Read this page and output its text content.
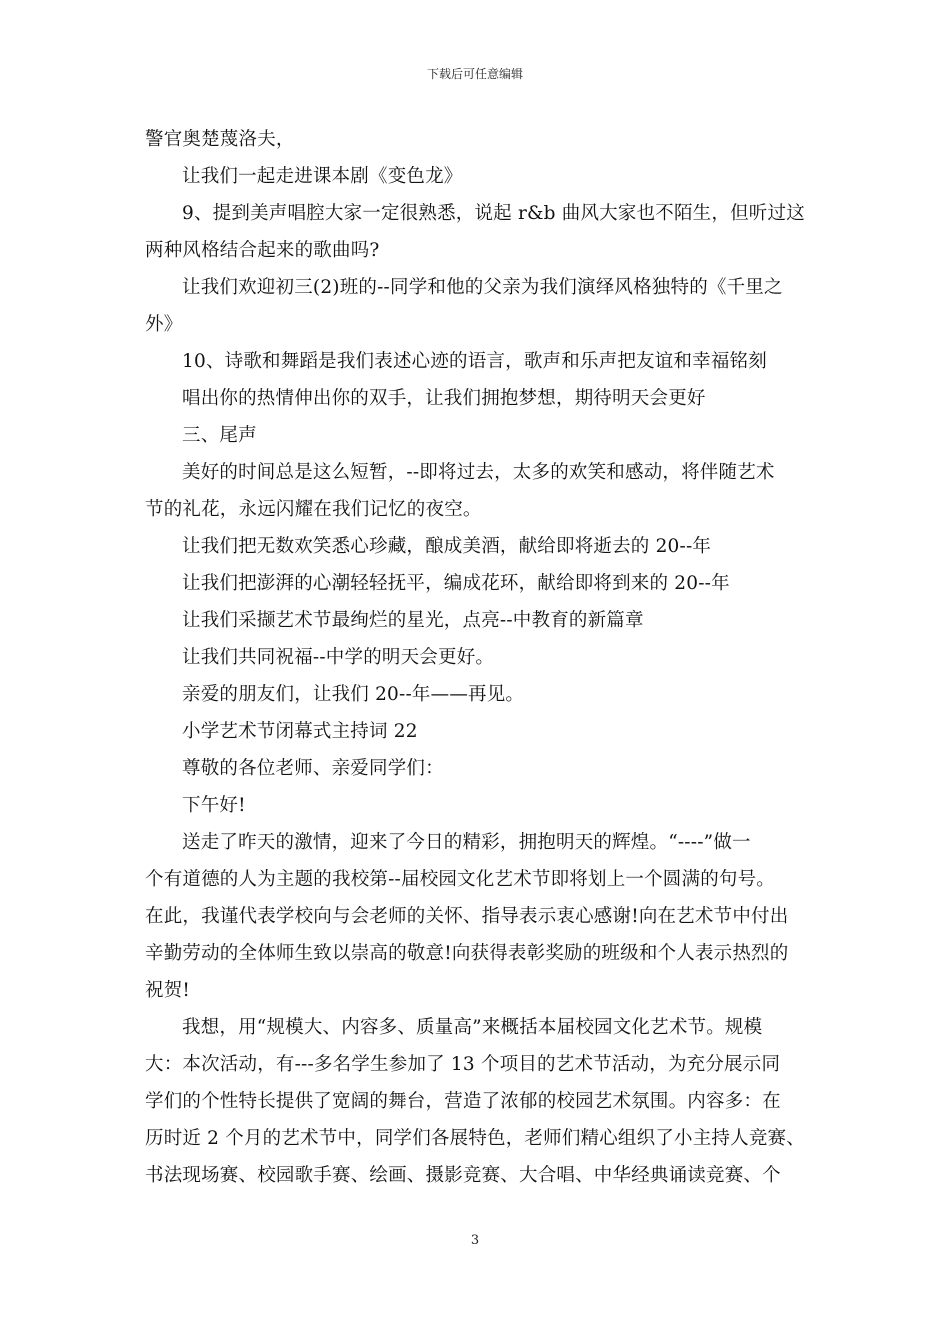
下载后可任意编辑
警官奥楚蔑洛夫，
让我们一起走进课本剧《变色龙》
9、提到美声唱腔大家一定很熟悉，说起 r&b 曲风大家也不陌生，但听过这
两种风格结合起来的歌曲吗?
让我们欢迎初三(2)班的--同学和他的父亲为我们演绎风格独特的《千里之
外》
10、诗歌和舞蹈是我们表述心迹的语言，歌声和乐声把友谊和幸福铭刻
唱出你的热情伸出你的双手，让我们拥抱梦想，期待明天会更好
三、尾声
美好的时间总是这么短暂，--即将过去，太多的欢笑和感动，将伴随艺术
节的礼花，永远闪耀在我们记忆的夜空。
让我们把无数欢笑悉心珍藏，酿成美酒，献给即将逝去的 20--年
让我们把澎湃的心潮轻轻抚平，编成花环，献给即将到来的 20--年
让我们采撷艺术节最绚烂的星光，点亮--中教育的新篇章
让我们共同祝福--中学的明天会更好。
亲爱的朋友们，让我们 20--年——再见。
小学艺术节闭幕式主持词 22
尊敬的各位老师、亲爱同学们：
下午好!
送走了昨天的激情，迎来了今日的精彩，拥抱明天的辉煌。“----”做一
个有道德的人为主题的我校第--届校园文化艺术节即将划上一个圆满的句号。
在此，我谨代表学校向与会老师的关怀、指导表示衷心感谢!向在艺术节中付出
辛勤劳动的全体师生致以崇高的敬意!向获得表彰奖励的班级和个人表示热烈的
祝贺!
我想，用“规模大、内容多、质量高”来概括本届校园文化艺术节。规模
大：本次活动，有---多名学生参加了 13 个项目的艺术节活动，为充分展示同
学们的个性特长提供了宽阔的舞台，营造了浓郁的校园艺术氛围。内容多：在
历时近 2 个月的艺术节中，同学们各展特色，老师们精心组织了小主持人竞赛、
书法现场赛、校园歌手赛、绘画、摄影竞赛、大合唱、中华经典诵读竞赛、个
3
